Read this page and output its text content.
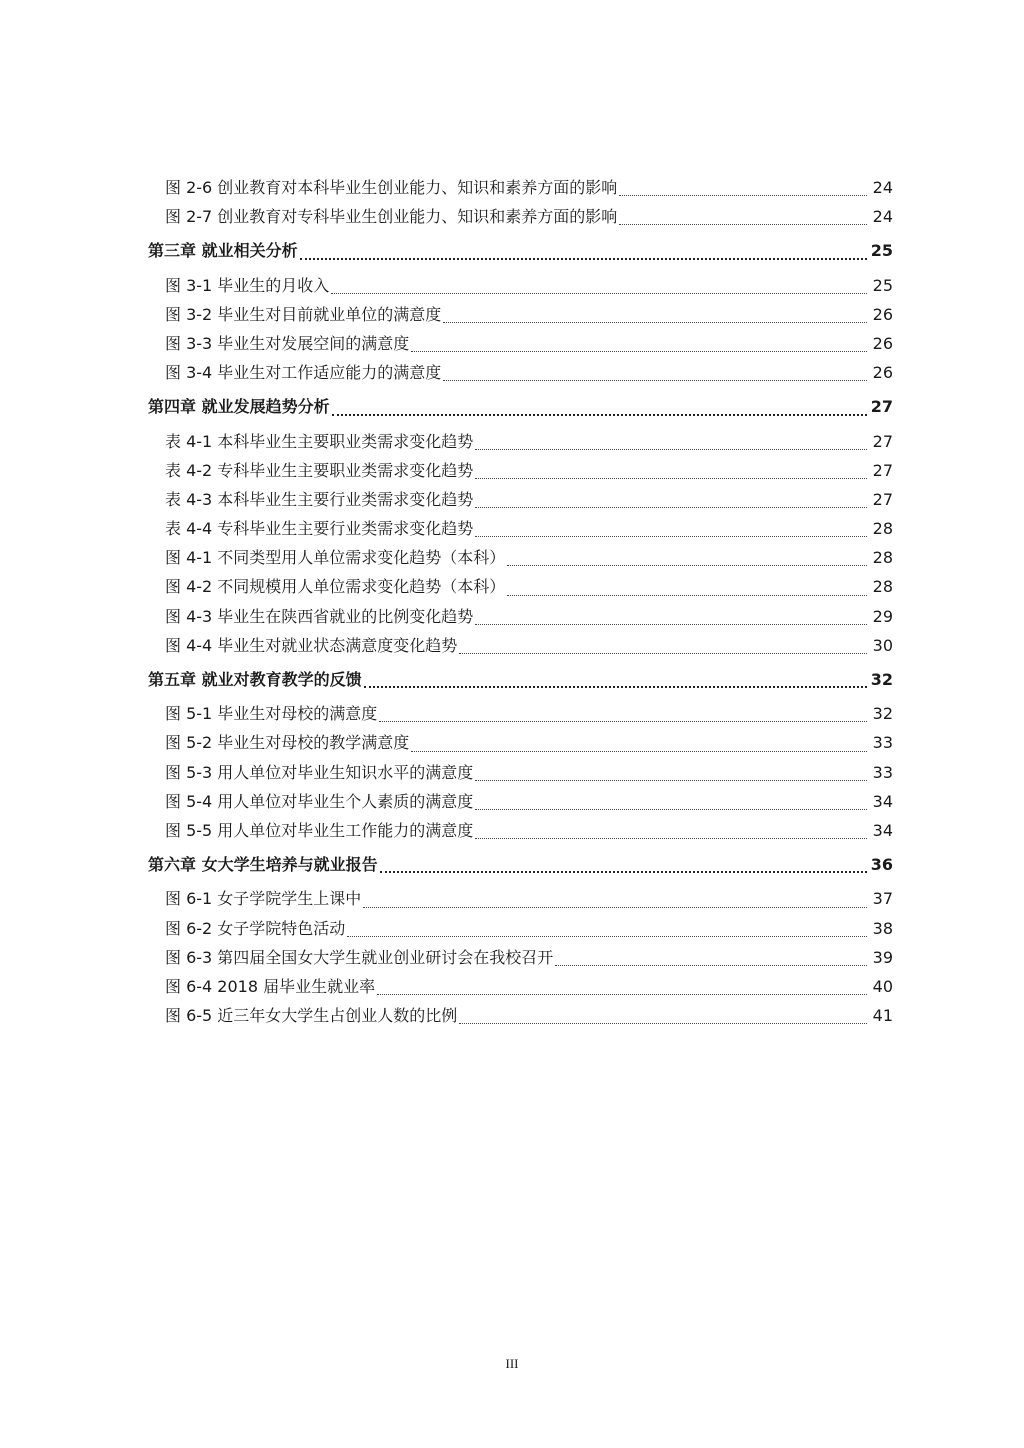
图 2-6 创业教育对本科毕业生创业能力、知识和素养方面的影响	24
图 2-7 创业教育对专科毕业生创业能力、知识和素养方面的影响	24
第三章 就业相关分析	25
图 3-1 毕业生的月收入	25
图 3-2 毕业生对目前就业单位的满意度	26
图 3-3 毕业生对发展空间的满意度	26
图 3-4 毕业生对工作适应能力的满意度	26
第四章 就业发展趋势分析	27
表 4-1 本科毕业生主要职业类需求变化趋势	27
表 4-2 专科毕业生主要职业类需求变化趋势	27
表 4-3 本科毕业生主要行业类需求变化趋势	27
表 4-4 专科毕业生主要行业类需求变化趋势	28
图 4-1 不同类型用人单位需求变化趋势（本科）	28
图 4-2 不同规模用人单位需求变化趋势（本科）	28
图 4-3 毕业生在陕西省就业的比例变化趋势	29
图 4-4 毕业生对就业状态满意度变化趋势	30
第五章 就业对教育教学的反馈	32
图 5-1 毕业生对母校的满意度	32
图 5-2 毕业生对母校的教学满意度	33
图 5-3 用人单位对毕业生知识水平的满意度	33
图 5-4 用人单位对毕业生个人素质的满意度	34
图 5-5 用人单位对毕业生工作能力的满意度	34
第六章 女大学生培养与就业报告	36
图 6-1 女子学院学生上课中	37
图 6-2 女子学院特色活动	38
图 6-3 第四届全国女大学生就业创业研讨会在我校召开	39
图 6-4 2018 届毕业生就业率	40
图 6-5 近三年女大学生占创业人数的比例	41
III
